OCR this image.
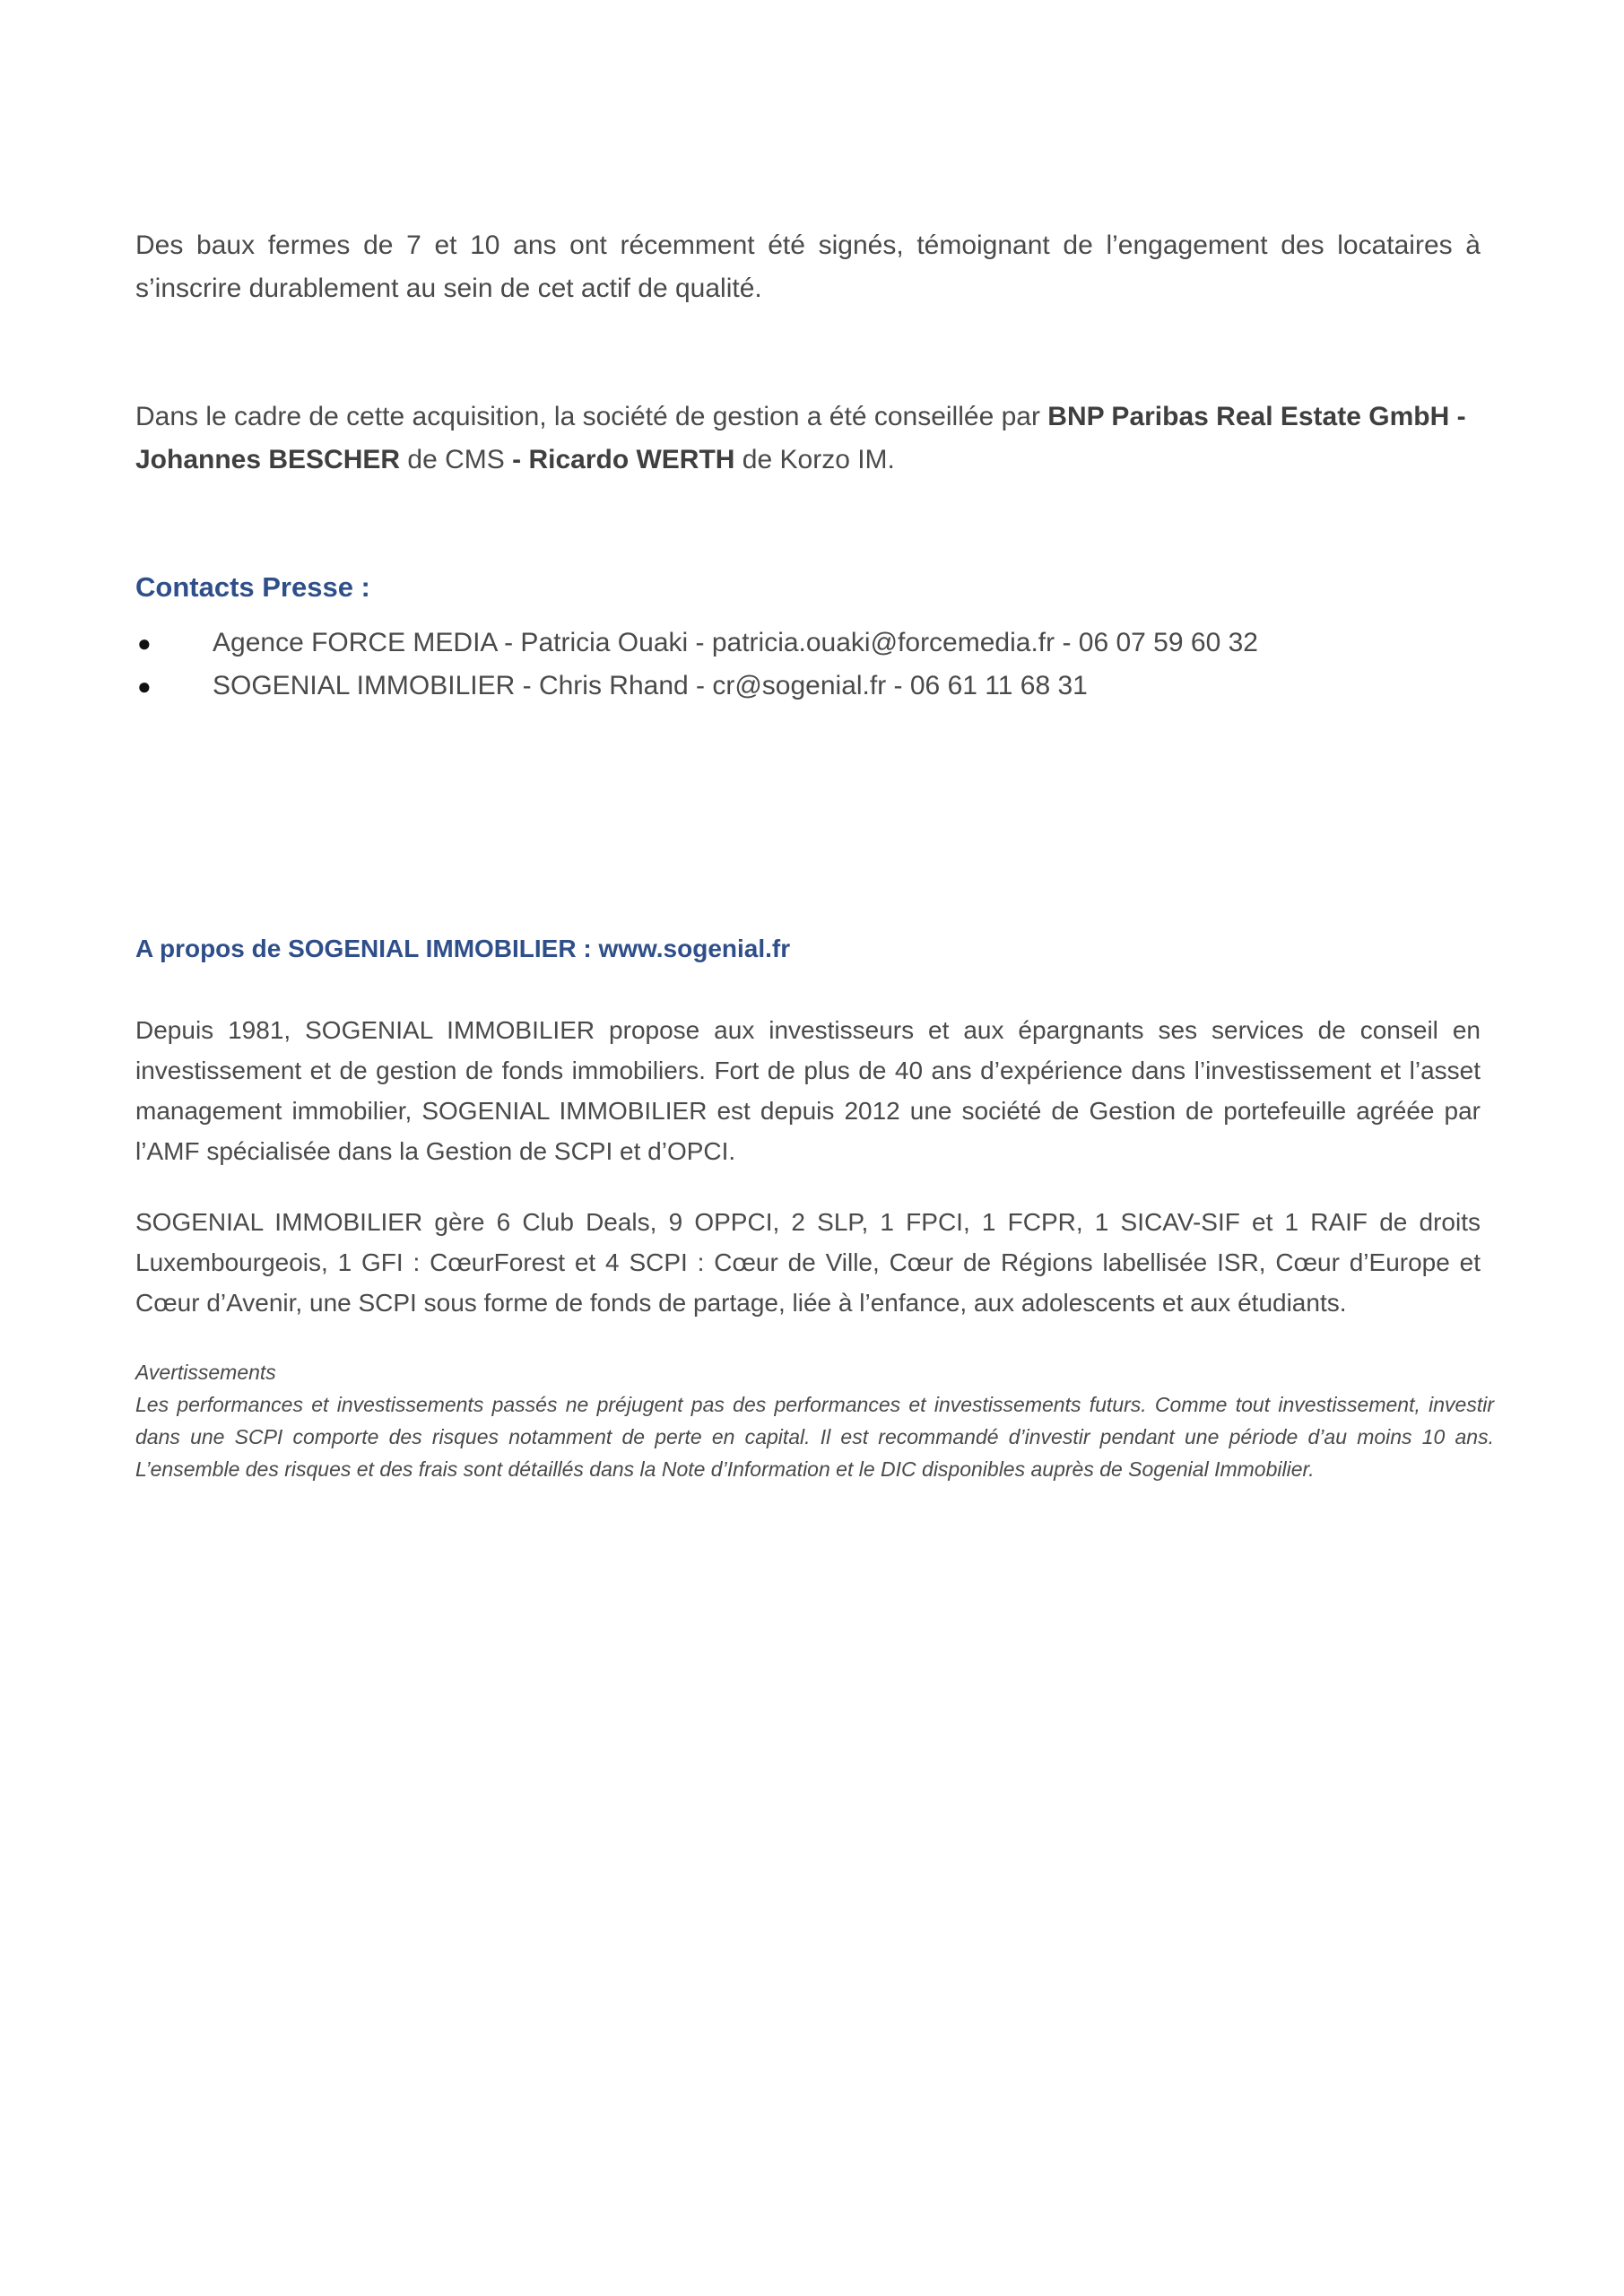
Des baux fermes de 7 et 10 ans ont récemment été signés, témoignant de l’engagement des locataires à s’inscrire durablement au sein de cet actif de qualité.

Dans le cadre de cette acquisition, la société de gestion a été conseillée par BNP Paribas Real Estate GmbH - Johannes BESCHER de CMS - Ricardo WERTH de Korzo IM.

Contacts Presse :
● Agence FORCE MEDIA - Patricia Ouaki - patricia.ouaki@forcemedia.fr - 06 07 59 60 32
● SOGENIAL IMMOBILIER - Chris Rhand - cr@sogenial.fr - 06 61 11 68 31
A propos de SOGENIAL IMMOBILIER : www.sogenial.fr

Depuis 1981, SOGENIAL IMMOBILIER propose aux investisseurs et aux épargnants ses services de conseil en investissement et de gestion de fonds immobiliers. Fort de plus de 40 ans d’expérience dans l’investissement et l’asset management immobilier, SOGENIAL IMMOBILIER est depuis 2012 une société de Gestion de portefeuille agréée par l’AMF spécialisée dans la Gestion de SCPI et d’OPCI.

SOGENIAL IMMOBILIER gère 6 Club Deals, 9 OPPCI, 2 SLP, 1 FPCI, 1 FCPR, 1 SICAV-SIF et 1 RAIF de droits Luxembourgeois, 1 GFI : CœurForest et 4 SCPI : Cœur de Ville, Cœur de Régions labellisée ISR, Cœur d’Europe et Cœur d’Avenir, une SCPI sous forme de fonds de partage, liée à l’enfance, aux adolescents et aux étudiants.

Avertissements

Les performances et investissements passés ne préjugent pas des performances et investissements futurs. Comme tout investissement, investir dans une SCPI comporte des risques notamment de perte en capital. Il est recommandé d’investir pendant une période d’au moins 10 ans. L’ensemble des risques et des frais sont détaillés dans la Note d’Information et le DIC disponibles auprès de Sogenial Immobilier.
